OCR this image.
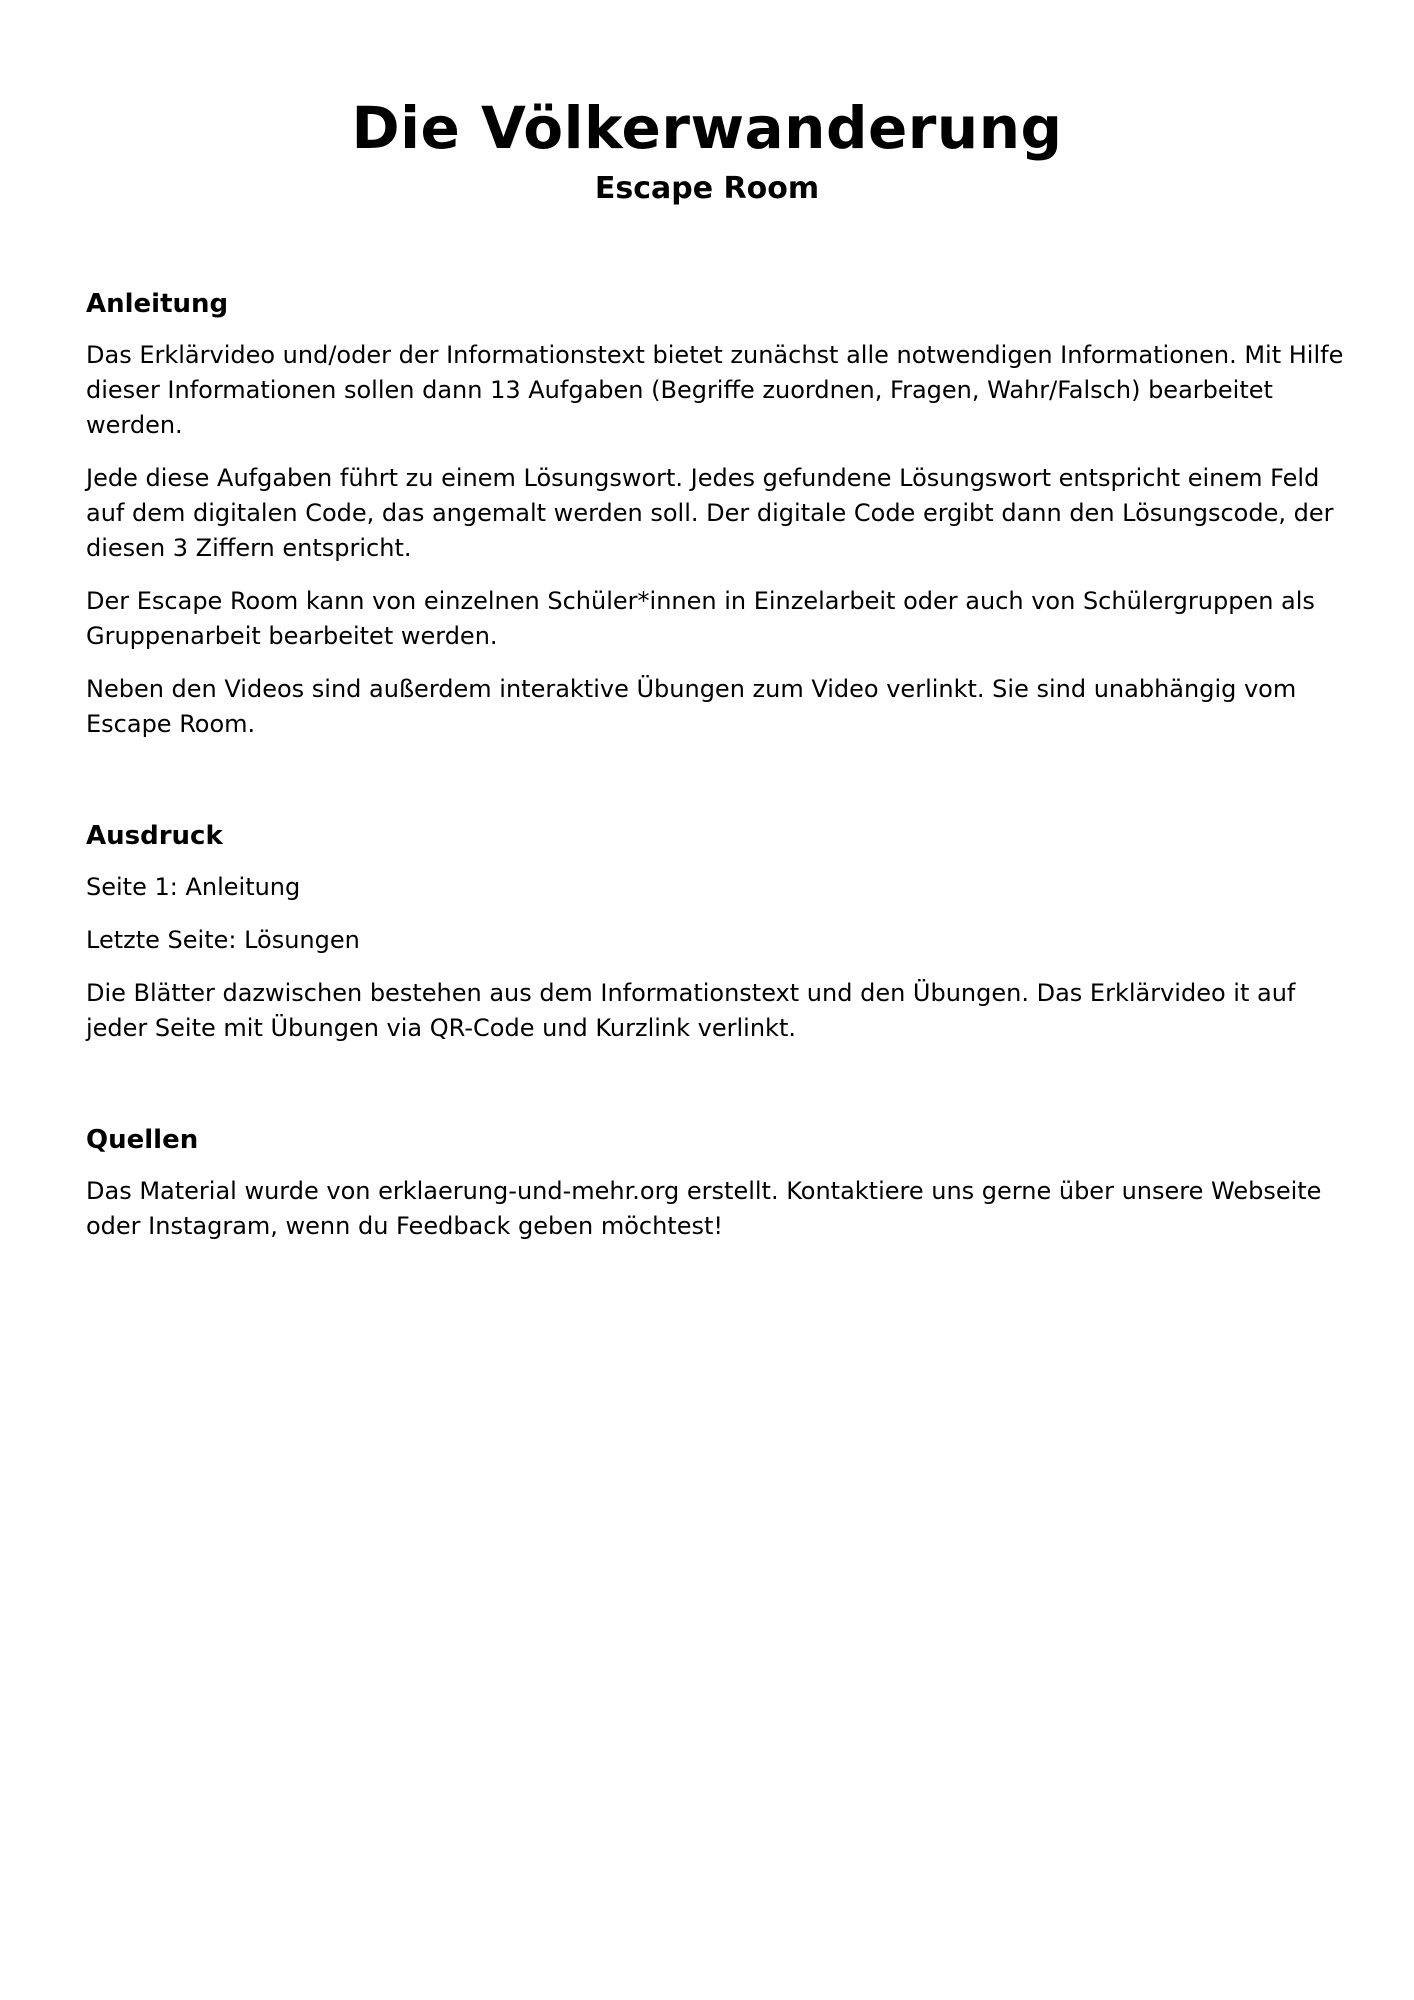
Die Völkerwanderung
Escape Room
Anleitung

Das Erklärvideo und/oder der Informationstext bietet zunächst alle notwendigen Informationen. Mit Hilfe dieser Informationen sollen dann 13 Aufgaben (Begriffe zuordnen, Fragen, Wahr/Falsch) bearbeitet werden.

Jede diese Aufgaben führt zu einem Lösungswort. Jedes gefundene Lösungswort entspricht einem Feld auf dem digitalen Code, das angemalt werden soll. Der digitale Code ergibt dann den Lösungscode, der diesen 3 Ziffern entspricht.

Der Escape Room kann von einzelnen Schüler*innen in Einzelarbeit oder auch von Schülergruppen als Gruppenarbeit bearbeitet werden.

Neben den Videos sind außerdem interaktive Übungen zum Video verlinkt. Sie sind unabhängig vom Escape Room.

Ausdruck

Seite 1: Anleitung

Letzte Seite: Lösungen

Die Blätter dazwischen bestehen aus dem Informationstext und den Übungen. Das Erklärvideo it auf jeder Seite mit Übungen via QR-Code und Kurzlink verlinkt.

Quellen

Das Material wurde von erklaerung-und-mehr.org erstellt. Kontaktiere uns gerne über unsere Webseite oder Instagram, wenn du Feedback geben möchtest!
